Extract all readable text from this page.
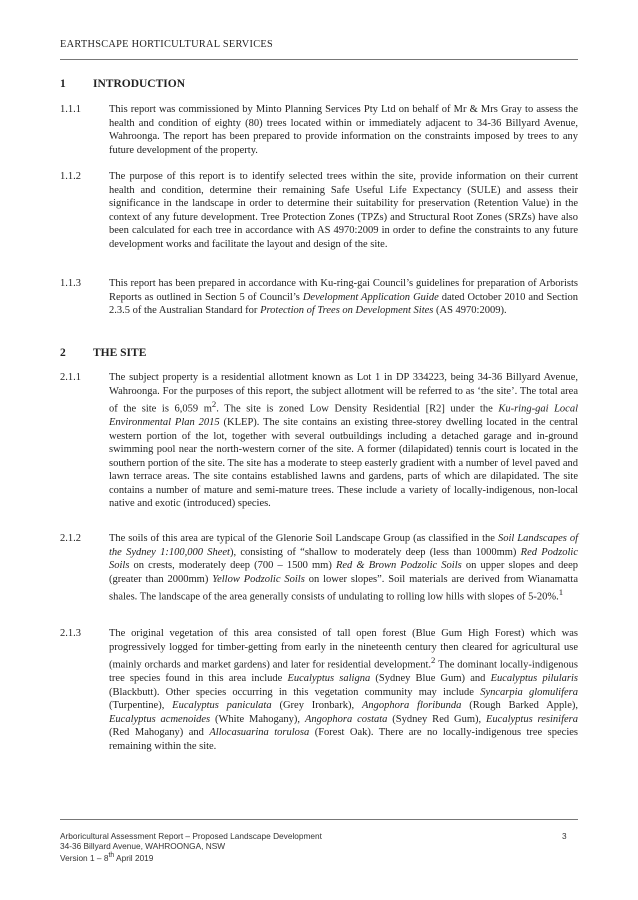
EARTHSCAPE HORTICULTURAL SERVICES
1 INTRODUCTION
1.1.1	This report was commissioned by Minto Planning Services Pty Ltd on behalf of Mr & Mrs Gray to assess the health and condition of eighty (80) trees located within or immediately adjacent to 34-36 Billyard Avenue, Wahroonga. The report has been prepared to provide information on the constraints imposed by trees to any future development of the property.
1.1.2	The purpose of this report is to identify selected trees within the site, provide information on their current health and condition, determine their remaining Safe Useful Life Expectancy (SULE) and assess their significance in the landscape in order to determine their suitability for preservation (Retention Value) in the context of any future development. Tree Protection Zones (TPZs) and Structural Root Zones (SRZs) have also been calculated for each tree in accordance with AS 4970:2009 in order to define the constraints to any future development works and facilitate the layout and design of the site.
1.1.3	This report has been prepared in accordance with Ku-ring-gai Council’s guidelines for preparation of Arborists Reports as outlined in Section 5 of Council’s Development Application Guide dated October 2010 and Section 2.3.5 of the Australian Standard for Protection of Trees on Development Sites (AS 4970:2009).
2 THE SITE
2.1.1	The subject property is a residential allotment known as Lot 1 in DP 334223, being 34-36 Billyard Avenue, Wahroonga. For the purposes of this report, the subject allotment will be referred to as ‘the site’. The total area of the site is 6,059 $m^2$. The site is zoned Low Density Residential [R2] under the Ku-ring-gai Local Environmental Plan 2015 (KLEP). The site contains an existing three-storey dwelling located in the central western portion of the lot, together with several outbuildings including a detached garage and in-ground swimming pool near the north-western corner of the site. A former (dilapidated) tennis court is located in the southern portion of the site. The site has a moderate to steep easterly gradient with a number of level paved and lawn terrace areas. The site contains established lawns and gardens, parts of which are dilapidated. The site contains a number of mature and semi-mature trees. These include a variety of locally-indigenous, non-local native and exotic (introduced) species.
2.1.2	The soils of this area are typical of the Glenorie Soil Landscape Group (as classified in the Soil Landscapes of the Sydney 1:100,000 Sheet), consisting of “shallow to moderately deep (less than 1000mm) Red Podzolic Soils on crests, moderately deep (700 – 1500 mm) Red & Brown Podzolic Soils on upper slopes and deep (greater than 2000mm) Yellow Podzolic Soils on lower slopes”. Soil materials are derived from Wianamatta shales. The landscape of the area generally consists of undulating to rolling low hills with slopes of 5-20%.$^1$
2.1.3	The original vegetation of this area consisted of tall open forest (Blue Gum High Forest) which was progressively logged for timber-getting from early in the nineteenth century then cleared for agricultural use (mainly orchards and market gardens) and later for residential development.$^2$ The dominant locally-indigenous tree species found in this area include Eucalyptus saligna (Sydney Blue Gum) and Eucalyptus pilularis (Blackbutt). Other species occurring in this vegetation community may include Syncarpia glomulifera (Turpentine), Eucalyptus paniculata (Grey Ironbark), Angophora floribunda (Rough Barked Apple), Eucalyptus acmenoides (White Mahogany), Angophora costata (Sydney Red Gum), Eucalyptus resinifera (Red Mahogany) and Allocasuarina torulosa (Forest Oak). There are no locally-indigenous tree species remaining within the site.
Arboricultural Assessment Report – Proposed Landscape Development
34-36 Billyard Avenue, WAHROONGA, NSW
Version 1 – 8th April 2019
3
